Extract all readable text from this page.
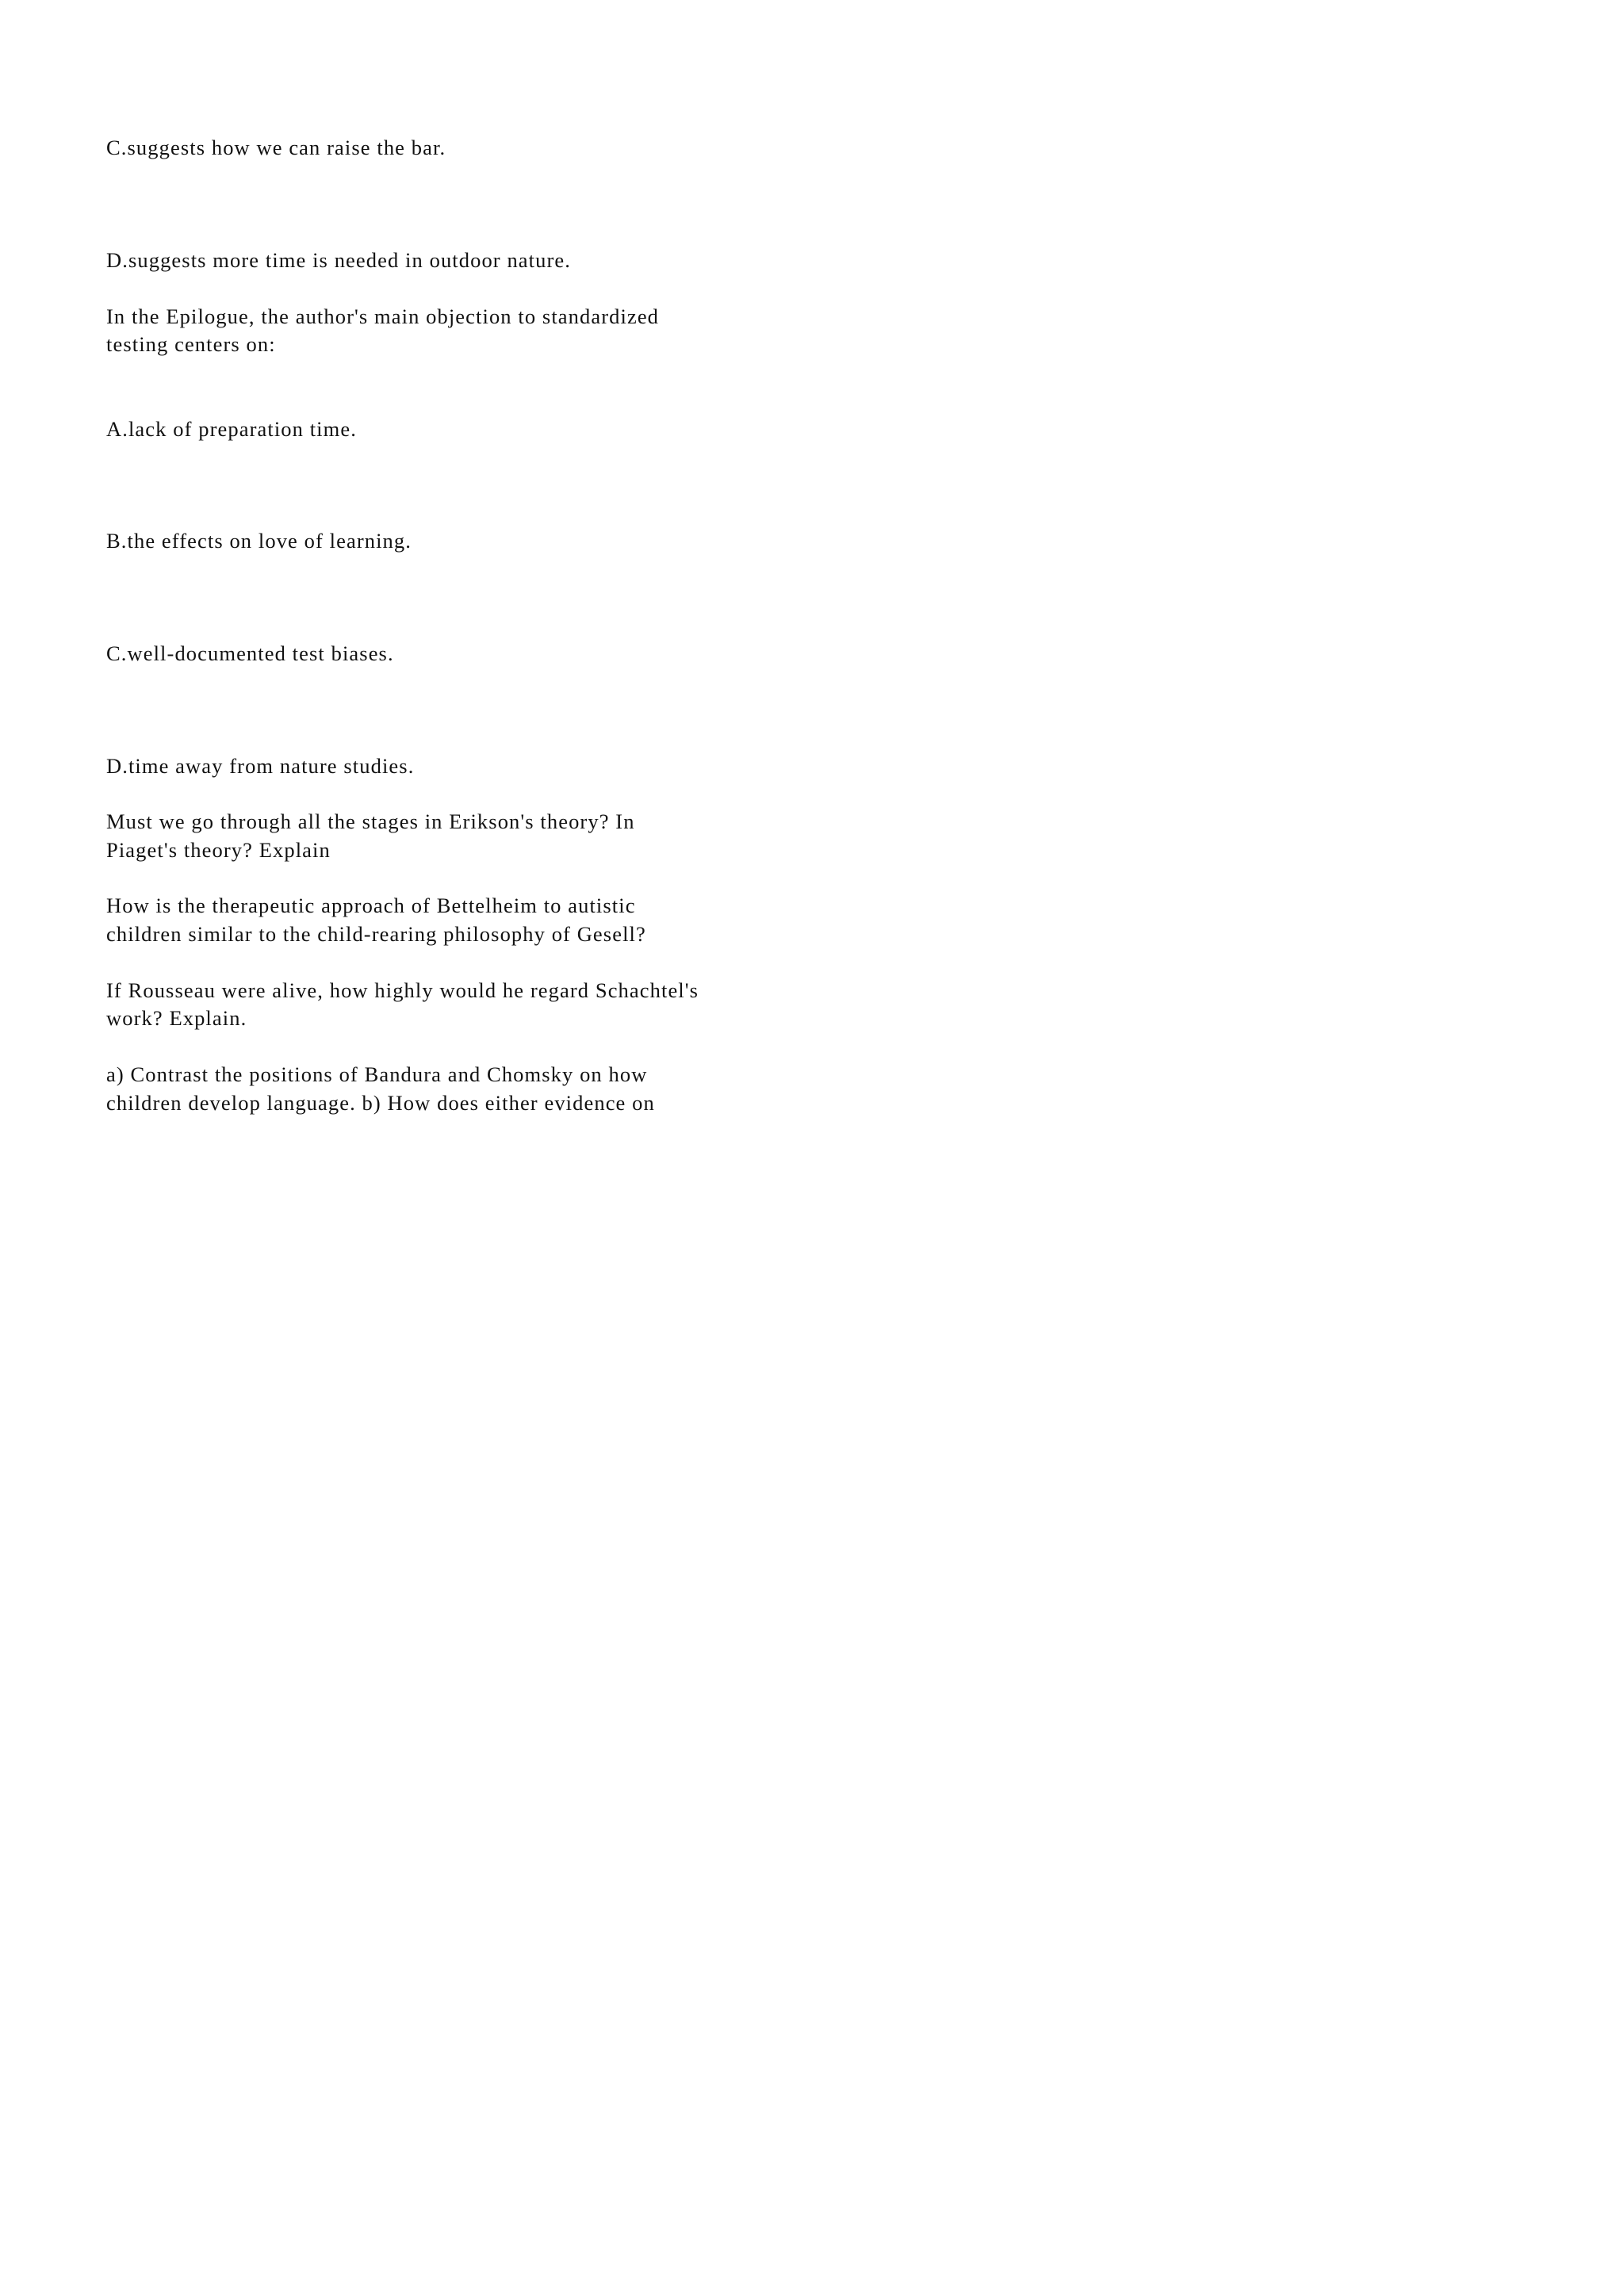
C.suggests how we can raise the bar.

D.suggests more time is needed in outdoor nature.

In the Epilogue, the author's main objection to standardized

testing centers on:

A.lack of preparation time.

B.the effects on love of learning.

C.well-documented test biases.

D.time away from nature studies.

Must we go through all the stages in Erikson's theory? In

Piaget's theory? Explain

How is the therapeutic approach of Bettelheim to autistic

children similar to the child-rearing philosophy of Gesell?

If Rousseau were alive, how highly would he regard Schachtel's

work? Explain.

a) Contrast the positions of Bandura and Chomsky on how

children develop language. b) How does either evidence on
